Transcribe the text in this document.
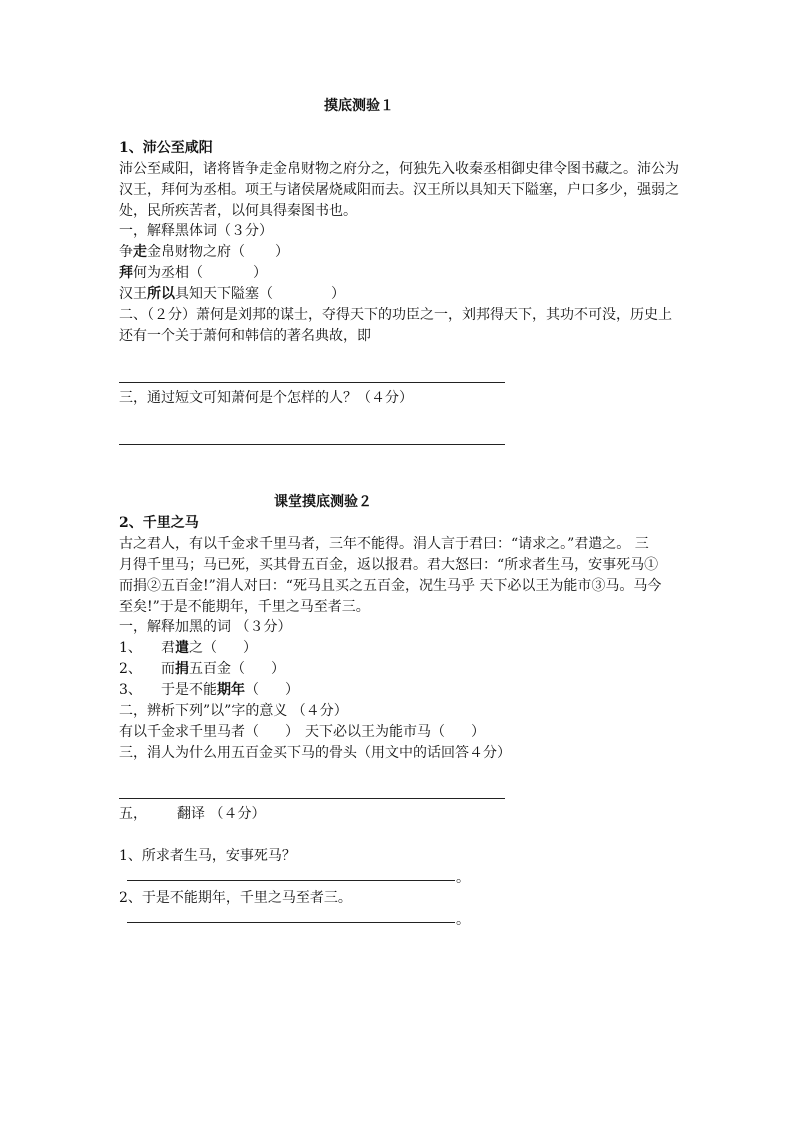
摸底测验１
1、沛公至咸阳
沛公至咸阳，诸将皆争走金帛财物之府分之，何独先入收秦丞相御史律令图书藏之。沛公为
汉王，拜何为丞相。项王与诸侯屠烧咸阳而去。汉王所以具知天下隘塞，户口多少，强弱之
处，民所疾苦者，以何具得秦图书也。
一，解释黑体词（３分）
争走金帛财物之府（ ）
拜何为丞相（	）
汉王所以具知天下隘塞（	）
二、（２分）萧何是刘邦的谋士，夺得天下的功臣之一，刘邦得天下，其功不可没，历史上
还有一个关于萧何和韩信的著名典故，即
三，通过短文可知萧何是个怎样的人？（４分）
课堂摸底测验２
2、千里之马
古之君人，有以千金求千里马者，三年不能得。涓人言于君曰：“请求之。”君遣之。 三
月得千里马；马已死，买其骨五百金，返以报君。君大怒曰：“所求者生马，安事死马①
而捐②五百金!”涓人对曰：“死马且买之五百金，况生马乎 天下必以王为能市③马。马今
至矣!”于是不能期年，千里之马至者三。
一，解释加黑的词 （３分）
1、 君遣之（ ）
2、 而捐五百金（ ）
3、 于是不能期年（ ）
二，辨析下列”以”字的意义 （４分）
有以千金求千里马者（ ） 天下必以王为能市马（ ）
三，涓人为什么用五百金买下马的骨头（用文中的话回答４分）
五， 翻译 （４分）
1、所求者生马，安事死马？
。
2、于是不能期年，千里之马至者三。
。
